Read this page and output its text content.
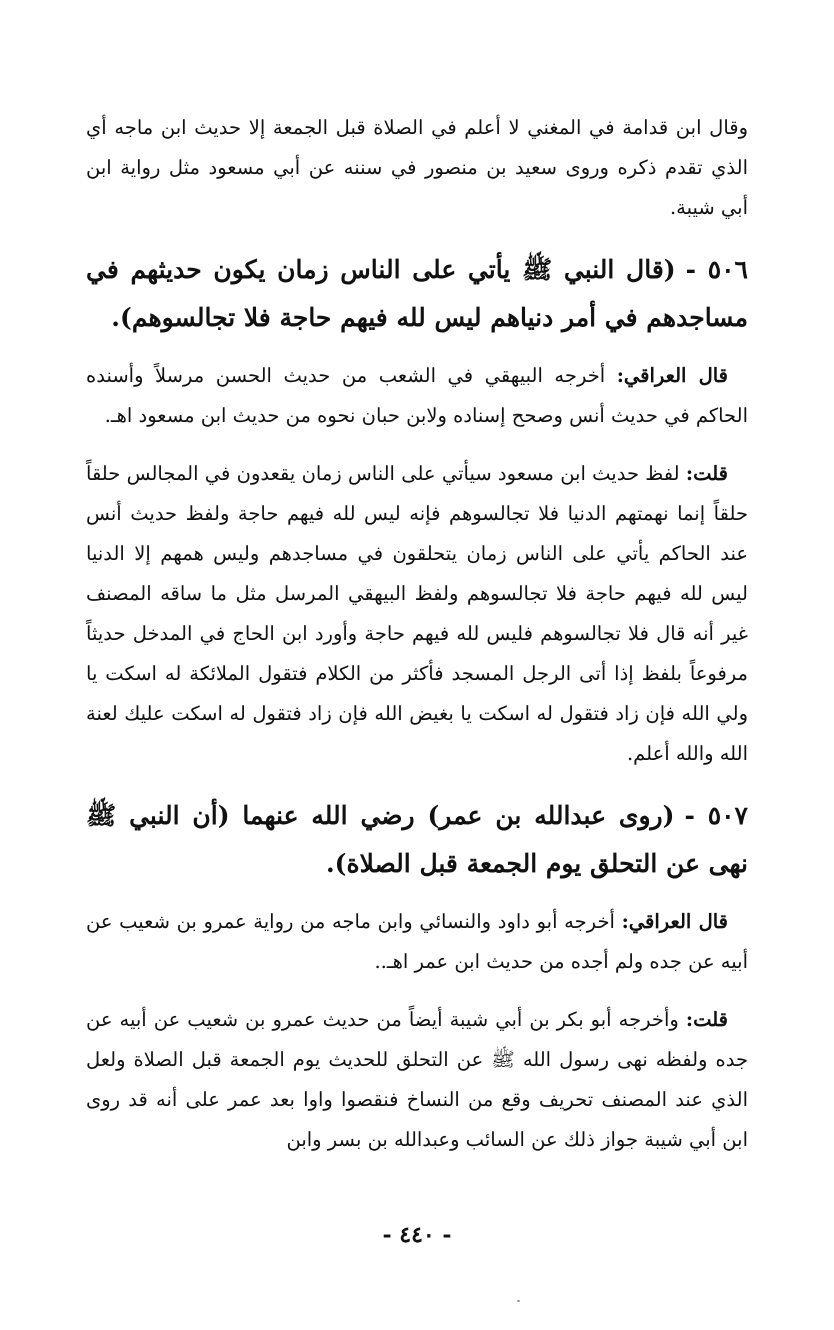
وقال ابن قدامة في المغني لا أعلم في الصلاة قبل الجمعة إلا حديث ابن ماجه أي الذي تقدم ذكره وروى سعيد بن منصور في سننه عن أبي مسعود مثل رواية ابن أبي شيبة.

٥٠٦ -(قال النبي ﷺ يأتي على الناس زمان يكون حديثهم في مساجدهم في أمر دنياهم ليس لله فيهم حاجة فلا تجالسوهم).

قال العراقي: أخرجه البيهقي في الشعب من حديث الحسن مرسلاً وأسنده الحاكم في حديث أنس وصحح إسناده ولابن حبان نحوه من حديث ابن مسعود اهـ.

قلت: لفظ حديث ابن مسعود سيأتي على الناس زمان يقعدون في المجالس حلقاً حلقاً إنما نهمتهم الدنيا فلا تجالسوهم فإنه ليس لله فيهم حاجة ولفظ حديث أنس عند الحاكم يأتي على الناس زمان يتحلقون في مساجدهم وليس همهم إلا الدنيا ليس لله فيهم حاجة فلا تجالسوهم ولفظ البيهقي المرسل مثل ما ساقه المصنف غير أنه قال فلا تجالسوهم فليس لله فيهم حاجة وأورد ابن الحاج في المدخل حديثاً مرفوعاً بلفظ إذا أتى الرجل المسجد فأكثر من الكلام فتقول الملائكة له اسكت يا ولي الله فإن زاد فتقول له اسكت يا بغيض الله فإن زاد فتقول له اسكت عليك لعنة الله والله أعلم.

٥٠٧ -(روى عبدالله بن عمر) رضي الله عنهما (أن النبي ﷺ نهى عن التحلق يوم الجمعة قبل الصلاة).

قال العراقي: أخرجه أبو داود والنسائي وابن ماجه من رواية عمرو بن شعيب عن أبيه عن جده ولم أجده من حديث ابن عمر اهـ..

قلت: وأخرجه أبو بكر بن أبي شيبة أيضاً من حديث عمرو بن شعيب عن أبيه عن جده ولفظه نهى رسول الله ﷺ عن التحلق للحديث يوم الجمعة قبل الصلاة ولعل الذي عند المصنف تحريف وقع من النساخ فنقصوا واوا بعد عمر على أنه قد روى ابن أبي شيبة جواز ذلك عن السائب وعبدالله بن بسر وابن

- ٤٤٠ -
